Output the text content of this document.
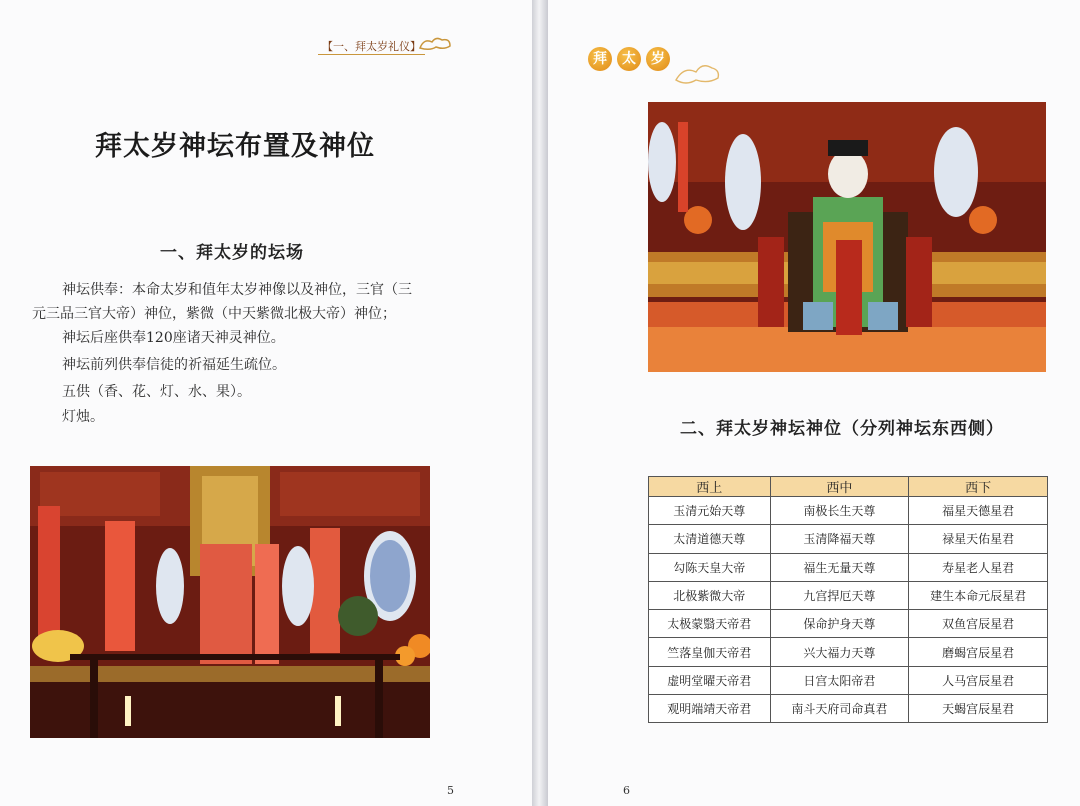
【一、拜太岁礼仪】
拜太岁神坛布置及神位
一、拜太岁的坛场
神坛供奉：本命太岁和值年太岁神像以及神位，三官（三
元三品三官大帝）神位，紫微（中天紫微北极大帝）神位；
神坛后座供奉120座诸天神灵神位。
神坛前列供奉信徒的祈福延生疏位。
五供（香、花、灯、水、果）。
灯烛。
5
拜	太	岁
二、拜太岁神坛神位（分列神坛东西侧）
6
西上	西中	西下
玉清元始天尊	南极长生天尊	福星天德星君
太清道德天尊	玉清降福天尊	禄星天佑星君
勾陈天皇大帝	福生无量天尊	寿星老人星君
北极紫微大帝	九宫捍厄天尊	建生本命元辰星君
太极蒙翳天帝君	保命护身天尊	双鱼宫辰星君
竺落皇伽天帝君	兴大福力天尊	磨蝎宫辰星君
虚明堂曜天帝君	日宫太阳帝君	人马宫辰星君
观明端靖天帝君	南斗天府司命真君	天蝎宫辰星君
